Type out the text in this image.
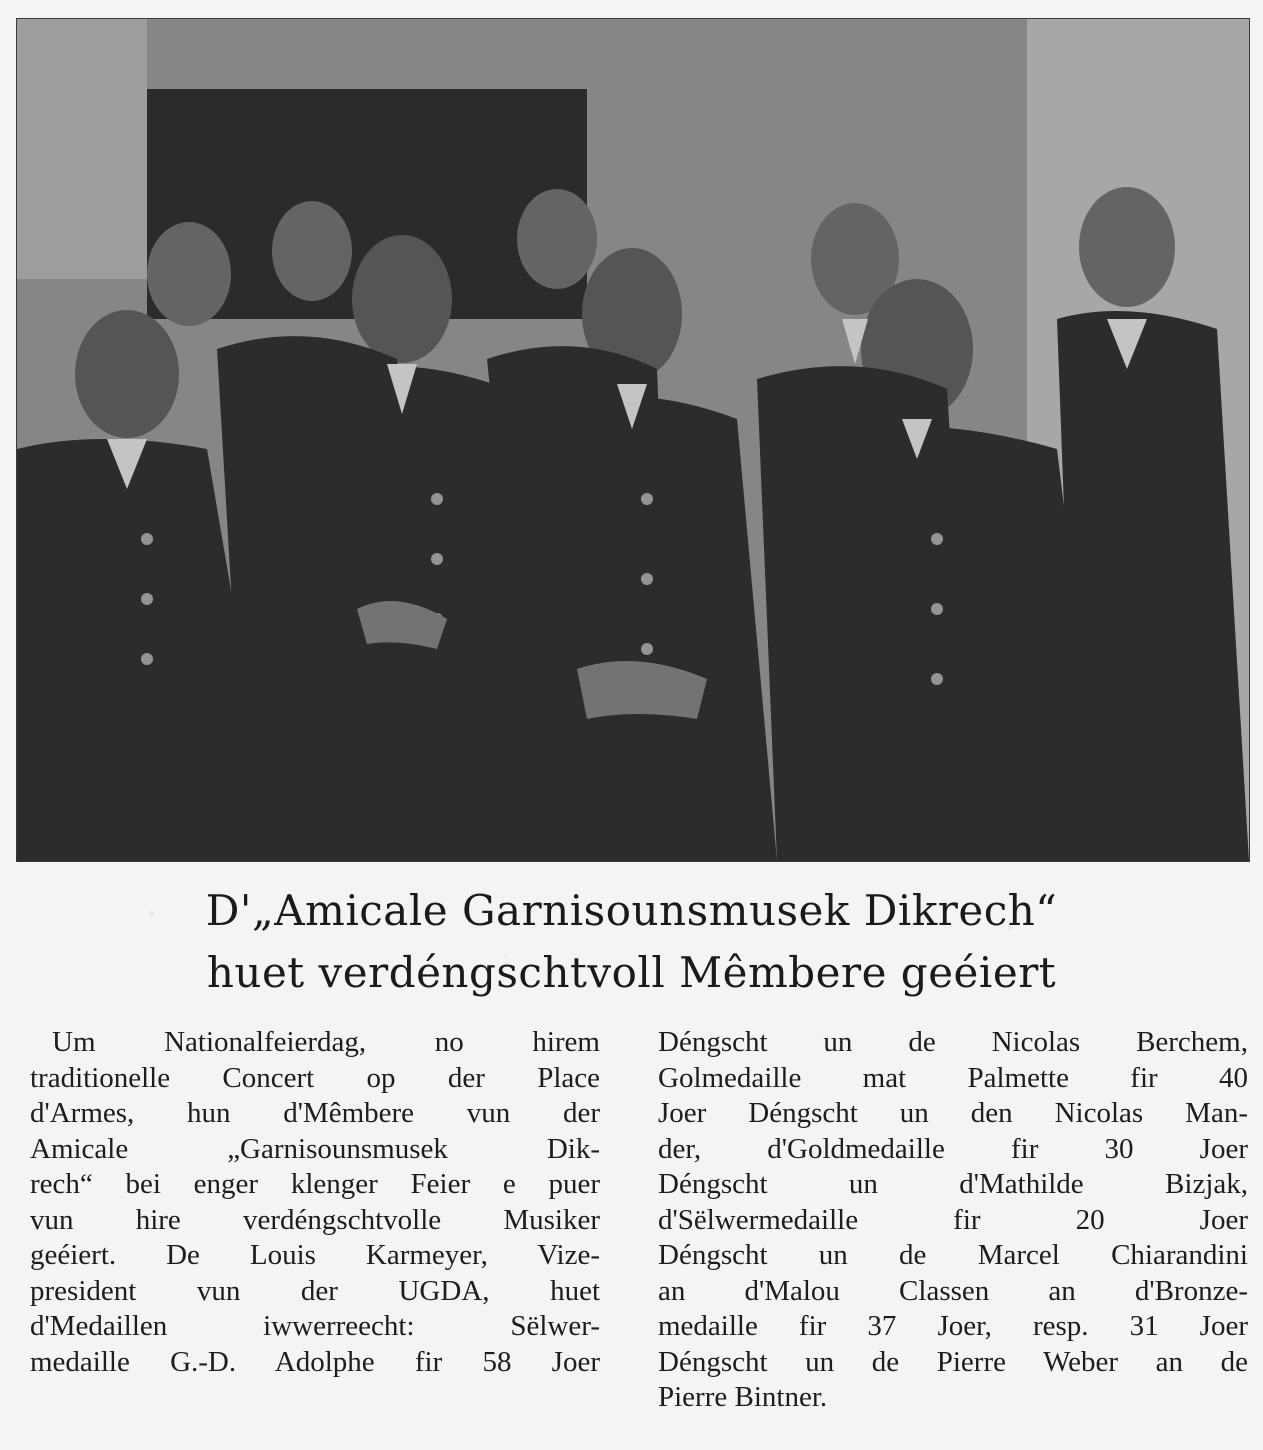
D'„Amicale Garnisounsmusek Dikrech“
huet verdéngschtvoll Mêmbere geéiert
Um Nationalfeierdag, no hirem
traditionelle Concert op der Place
d'Armes, hun d'Mêmbere vun der
Amicale „Garnisounsmusek Dik-
rech“ bei enger klenger Feier e puer
vun hire verdéngschtvolle Musiker
geéiert. De Louis Karmeyer, Vize-
president vun der UGDA, huet
d'Medaillen iwwerreecht: Sëlwer-
medaille G.-D. Adolphe fir 58 Joer
Déngscht un de Nicolas Berchem,
Golmedaille mat Palmette fir 40
Joer Déngscht un den Nicolas Man-
der, d'Goldmedaille fir 30 Joer
Déngscht un d'Mathilde Bizjak,
d'Sëlwermedaille fir 20 Joer
Déngscht un de Marcel Chiarandini
an d'Malou Classen an d'Bronze-
medaille fir 37 Joer, resp. 31 Joer
Déngscht un de Pierre Weber an de
Pierre Bintner.
